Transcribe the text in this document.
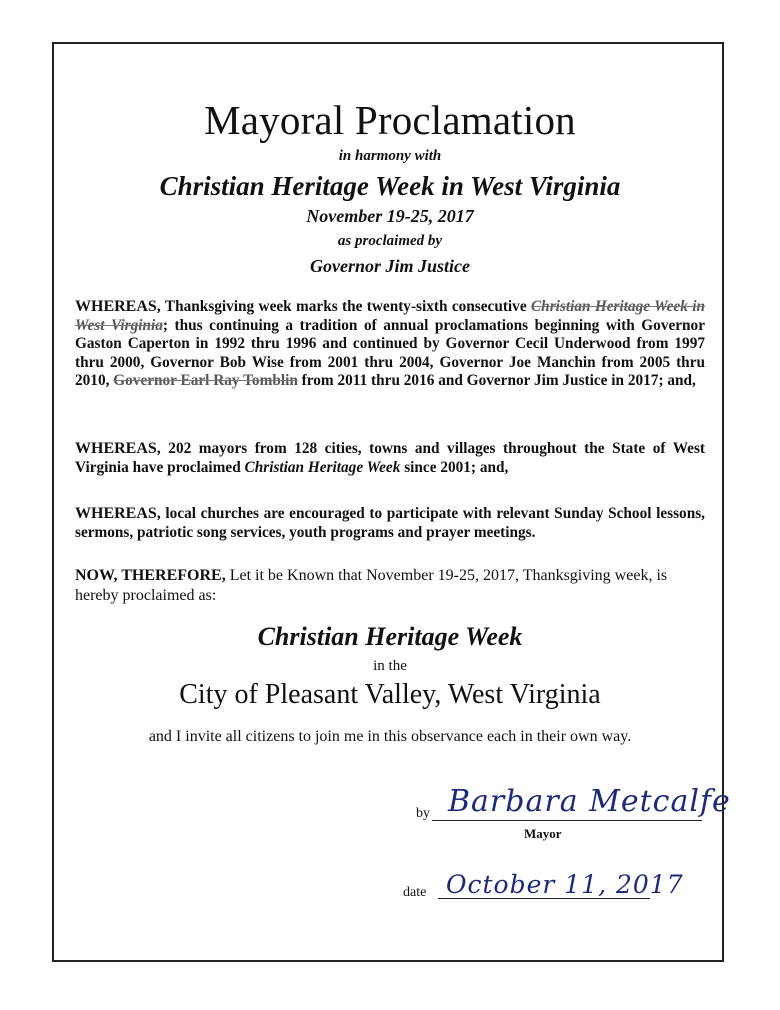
Mayoral Proclamation
in harmony with
Christian Heritage Week in West Virginia
November 19-25, 2017
as proclaimed by
Governor Jim Justice
WHEREAS, Thanksgiving week marks the twenty-sixth consecutive Christian Heritage Week in West Virginia; thus continuing a tradition of annual proclamations beginning with Governor Gaston Caperton in 1992 thru 1996 and continued by Governor Cecil Underwood from 1997 thru 2000, Governor Bob Wise from 2001 thru 2004, Governor Joe Manchin from 2005 thru 2010, Governor Earl Ray Tomblin from 2011 thru 2016 and Governor Jim Justice in 2017; and,
WHEREAS, 202 mayors from 128 cities, towns and villages throughout the State of West Virginia have proclaimed Christian Heritage Week since 2001; and,
WHEREAS, local churches are encouraged to participate with relevant Sunday School lessons, sermons, patriotic song services, youth programs and prayer meetings.
NOW, THEREFORE, Let it be Known that November 19-25, 2017, Thanksgiving week, is hereby proclaimed as:
Christian Heritage Week
in the
City of Pleasant Valley, West Virginia
and I invite all citizens to join me in this observance each in their own way.
by Barbara Metcalfe
Mayor
date October 11, 2017
